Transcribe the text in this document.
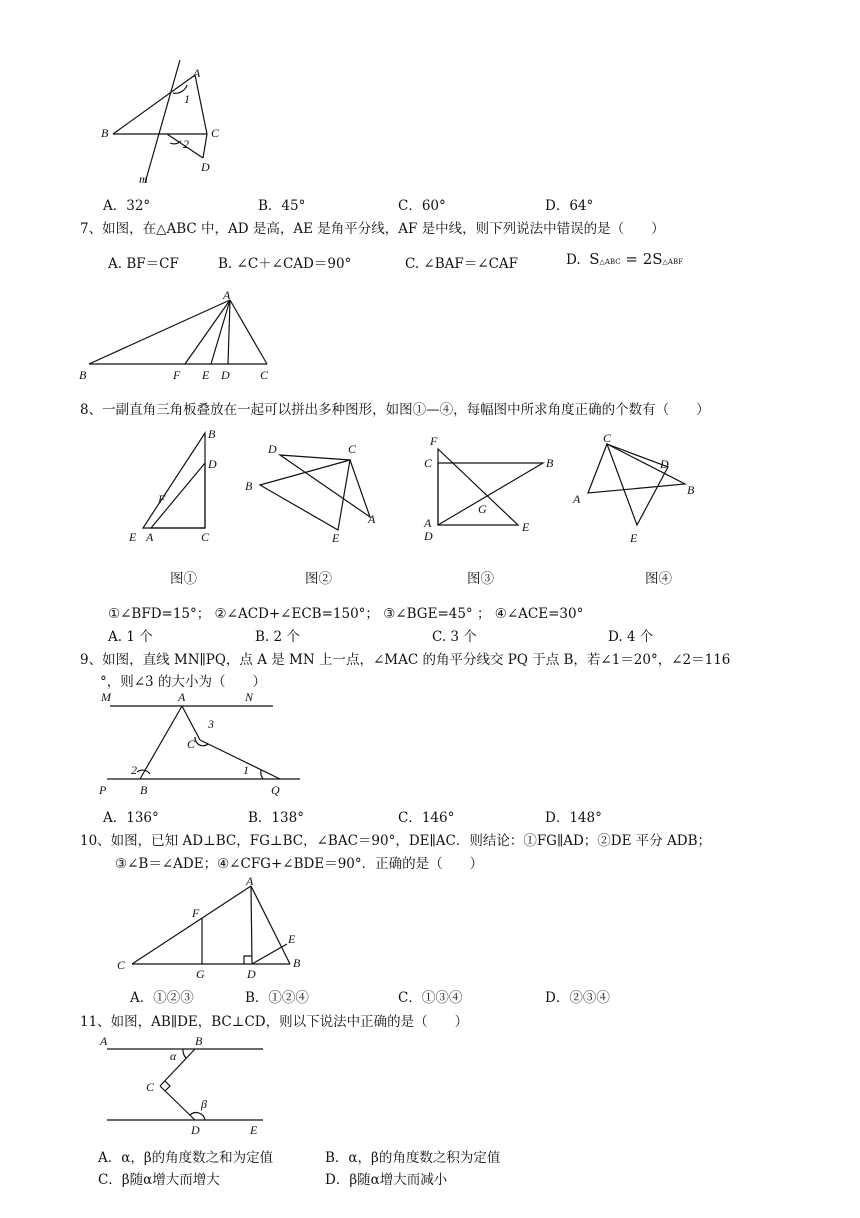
A
1
B	C
2
D
m
A．32°	B．45°	C．60°	D．64°
7、如图，在△ABC 中，AD 是高，AE 是角平分线，AF 是中线，则下列说法中错误的是（　　）
A. BF＝CF	B. ∠C＋∠CAD＝90°	C. ∠BAF＝∠CAF	D. S△ABC = 2S△ABF
A
B	F E D	C
8、一副直角三角板叠放在一起可以拼出多种图形，如图①—④，每幅图中所求角度正确的个数有（　　）
B
D
F
E A	C
D	C
B
A
E
F
C	B
G
A
D
E
C
D
B
A
E
图①	图②	图③	图④
①∠BFD=15°； ②∠ACD+∠ECB=150°； ③∠BGE=45° ； ④∠ACE=30°
A. 1 个	B. 2 个	C. 3 个	D. 4 个
9、如图，直线 MN∥PQ，点 A 是 MN 上一点，∠MAC 的角平分线交 PQ 于点 B，若∠1＝20°，∠2＝116
°，则∠3 的大小为（　　）
M	A	N
3
C
2	1
P	B	Q
A．136°	B．138°	C．146°	D．148°
10、如图，已知 AD⊥BC，FG⊥BC，∠BAC＝90°，DE∥AC．则结论：①FG∥AD；②DE 平分 ADB；
③∠B＝∠ADE；④∠CFG+∠BDE＝90°．正确的是（　　）
A
F
E
C
G	D
B
A．①②③	B．①②④	C．①③④	D．②③④
11、如图，AB∥DE，BC⊥CD，则以下说法中正确的是（　　）
A	B
α
C
β
D	E
A．α，β的角度数之和为定值	B．α，β的角度数之积为定值
C．β随α增大而增大	D．β随α增大而减小
